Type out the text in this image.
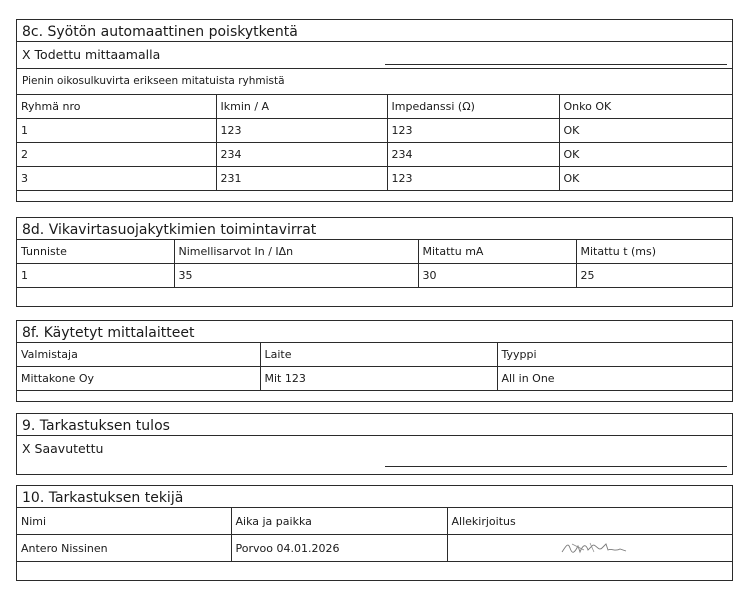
8c. Syötön automaattinen poiskytkentä
X Todettu mittaamalla
Pienin oikosulkuvirta erikseen mitatuista ryhmistä
Ryhmä nro	Ikmin / A	Impedanssi (Ω)	Onko OK
1	123	123	OK
2	234	234	OK
3	231	123	OK
8d. Vikavirtasuojakytkimien toimintavirrat
Tunniste	Nimellisarvot In / IΔn	Mitattu mA	Mitattu t (ms)
1	35	30	25
8f. Käytetyt mittalaitteet
Valmistaja	Laite	Tyyppi
Mittakone Oy	Mit 123	All in One
9. Tarkastuksen tulos
X Saavutettu
10. Tarkastuksen tekijä
Nimi	Aika ja paikka	Allekirjoitus
Antero Nissinen	Porvoo 04.01.2026	
